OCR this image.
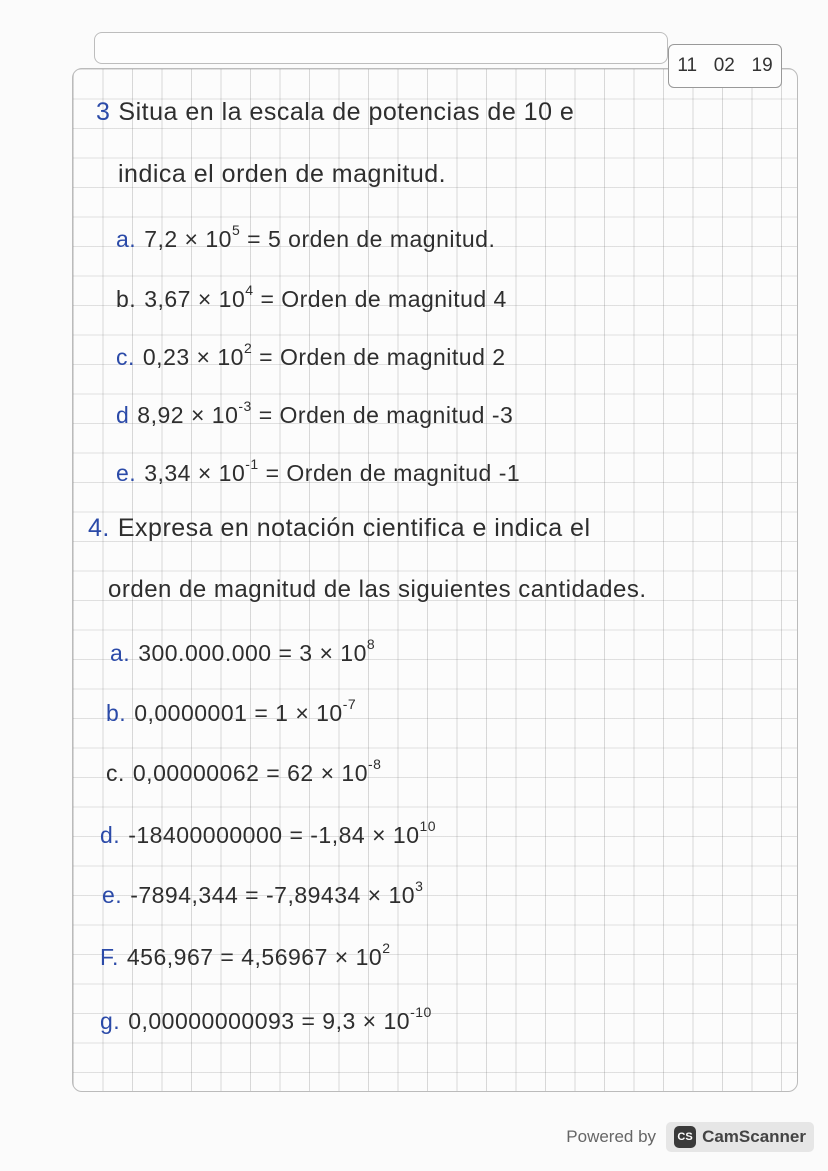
11 02 19
3 Situa en la escala de potencias de 10 e
indica el orden de magnitud.
a. $7,2 \times 10^5 = 5$ orden de magnitud.
b. $3,67 \times 10^4$ = Orden de magnitud 4
c. $0,23 \times 10^2$ = Orden de magnitud 2
d $8,92 \times 10^{-3}$ = Orden de magnitud -3
e. $3,34 \times 10^{-1}$ = Orden de magnitud -1
4. Expresa en notación cientifica e indica el
orden de magnitud de las siguientes cantidades.
a. $300.000.000 = 3 \times 10^8$
b. $0,0000001 = 1 \times 10^{-7}$
c. $0,00000062 = 62 \times 10^{-8}$
d. $-18400000000 = -1,84 \times 10^{10}$
e. $-7894,344 = -7,89434 \times 10^3$
F. $456,967 = 4,56967 \times 10^2$
g. $0,00000000093 = 9,3 \times 10^{-10}$
Powered by	CS CamScanner
